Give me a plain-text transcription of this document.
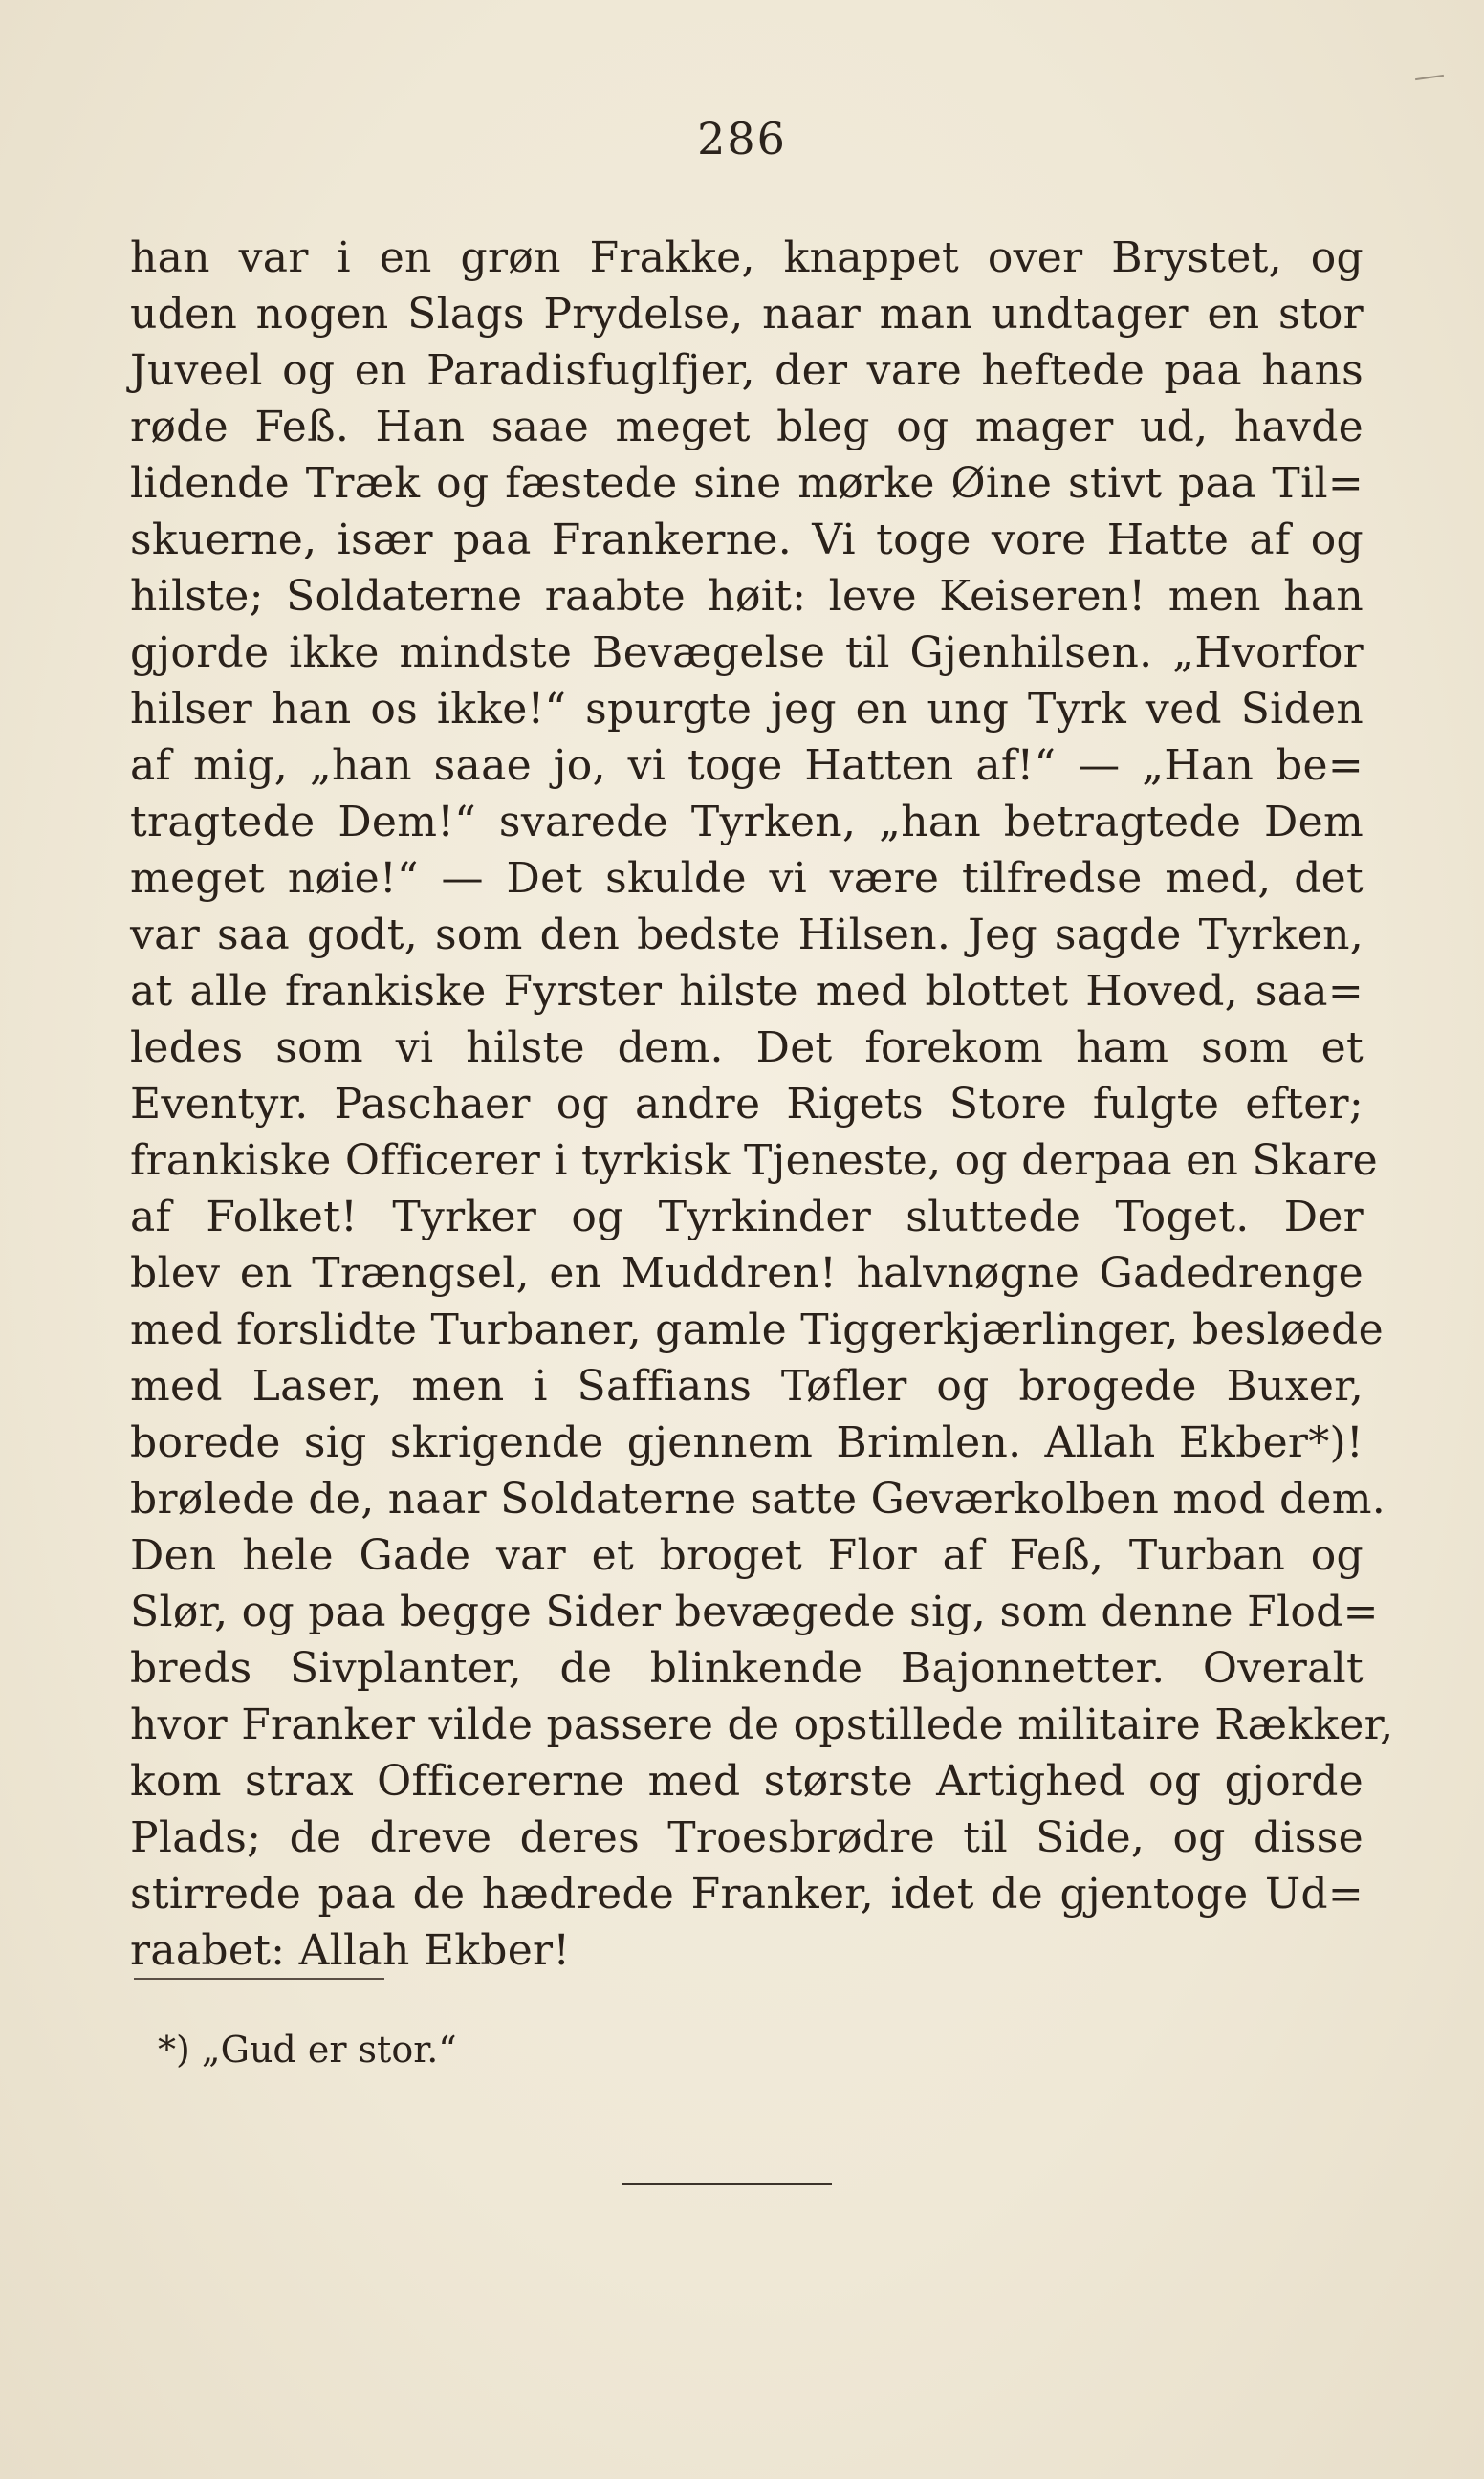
286
han var i en grøn Frakke, knappet over Brystet, og
uden nogen Slags Prydelse, naar man undtager en stor
Juveel og en Paradisfuglfjer, der vare heftede paa hans
røde Feß. Han saae meget bleg og mager ud, havde
lidende Træk og fæstede sine mørke Øine stivt paa Til=
skuerne, især paa Frankerne. Vi toge vore Hatte af og
hilste; Soldaterne raabte høit: leve Keiseren! men han
gjorde ikke mindste Bevægelse til Gjenhilsen. „Hvorfor
hilser han os ikke!“ spurgte jeg en ung Tyrk ved Siden
af mig, „han saae jo, vi toge Hatten af!“ — „Han be=
tragtede Dem!“ svarede Tyrken, „han betragtede Dem
meget nøie!“ — Det skulde vi være tilfredse med, det
var saa godt, som den bedste Hilsen. Jeg sagde Tyrken,
at alle frankiske Fyrster hilste med blottet Hoved, saa=
ledes som vi hilste dem. Det forekom ham som et
Eventyr. Paschaer og andre Rigets Store fulgte efter;
frankiske Officerer i tyrkisk Tjeneste, og derpaa en Skare
af Folket! Tyrker og Tyrkinder sluttede Toget. Der
blev en Trængsel, en Muddren! halvnøgne Gadedrenge
med forslidte Turbaner, gamle Tiggerkjærlinger, besløede
med Laser, men i Saffians Tøfler og brogede Buxer,
borede sig skrigende gjennem Brimlen. Allah Ekber*)!
brølede de, naar Soldaterne satte Geværkolben mod dem.
Den hele Gade var et broget Flor af Feß, Turban og
Slør, og paa begge Sider bevægede sig, som denne Flod=
breds Sivplanter, de blinkende Bajonnetter. Overalt
hvor Franker vilde passere de opstillede militaire Rækker,
kom strax Officererne med største Artighed og gjorde
Plads; de dreve deres Troesbrødre til Side, og disse
stirrede paa de hædrede Franker, idet de gjentoge Ud=
raabet: Allah Ekber!
*) „Gud er stor.“
